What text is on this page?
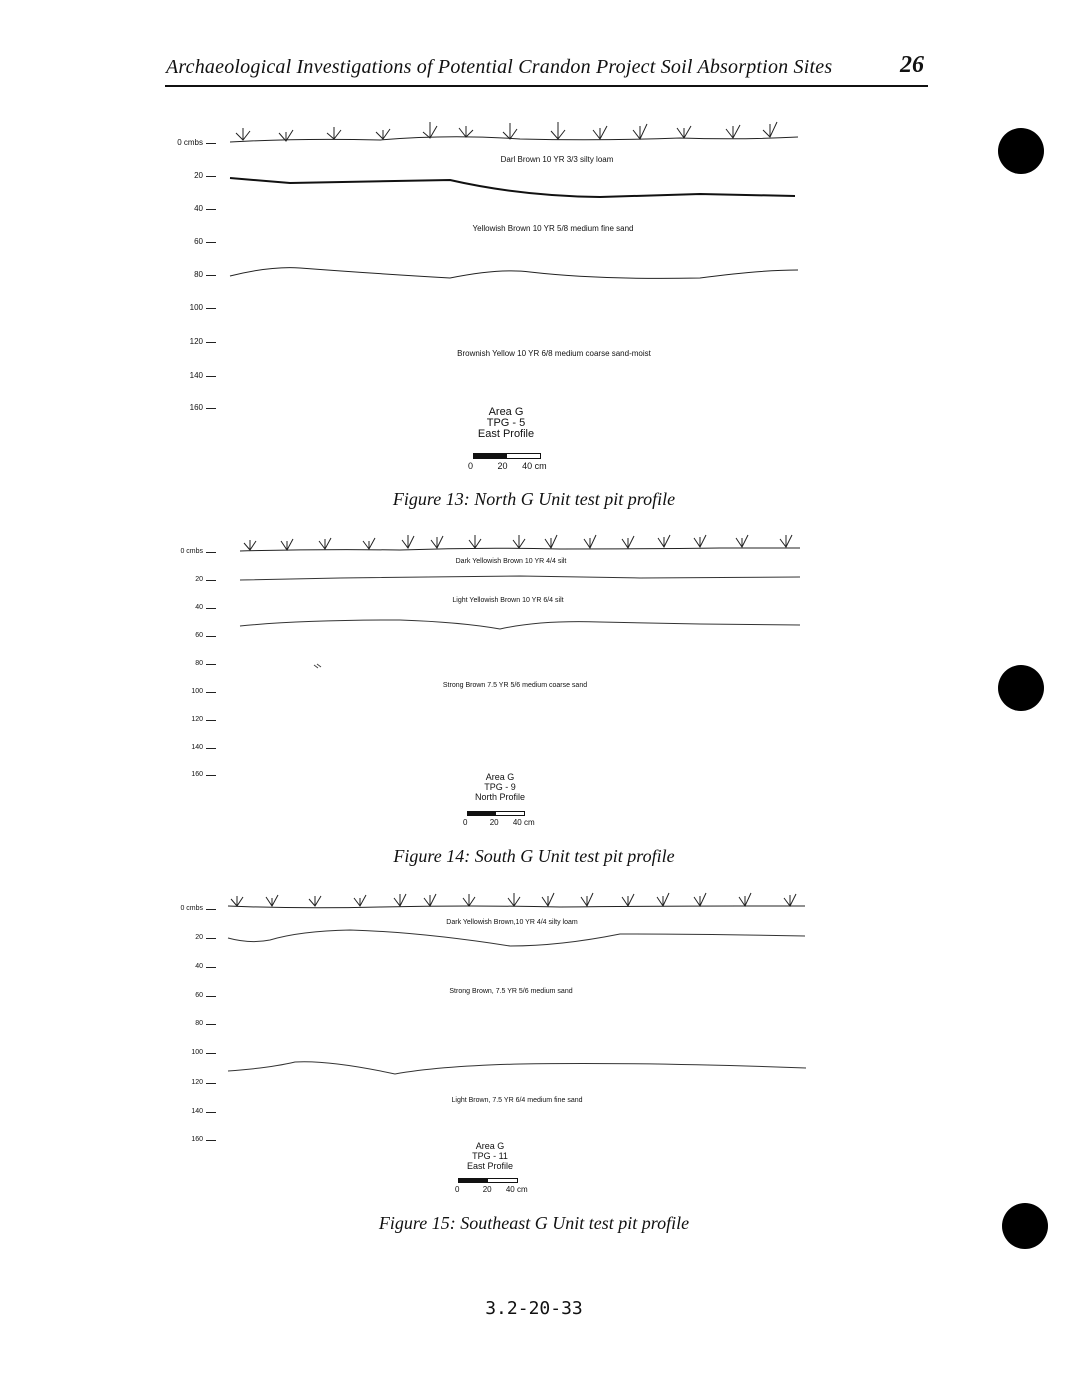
Archaeological Investigations of Potential Crandon Project Soil Absorption Sites	26
0 cmbs
20
40
60
80
100
120
140
160
Darl Brown 10 YR 3/3 silty loam
Yellowish Brown 10 YR 5/8 medium fine sand
Brownish Yellow 10 YR 6/8 medium coarse sand-moist
Area G
TPG - 5
East Profile
0	20 40 cm
Figure 13: North G Unit test pit profile
0 cmbs
20
40
60
80
100
120
140
160
Dark Yellowish Brown 10 YR 4/4 silt
Light Yellowish Brown 10 YR 6/4 silt
Strong Brown 7.5 YR 5/6 medium coarse sand
Area G
TPG - 9
North Profile
0	20 40 cm
Figure 14: South G Unit test pit profile
0 cmbs
20
40
60
80
100
120
140
160
Dark Yellowish Brown,10 YR 4/4 silty loam
Strong Brown, 7.5 YR 5/6 medium sand
Light Brown, 7.5 YR 6/4 medium fine sand
Area G
TPG - 11
East Profile
0	20 40 cm
Figure 15: Southeast G Unit test pit profile
3.2-20-33
